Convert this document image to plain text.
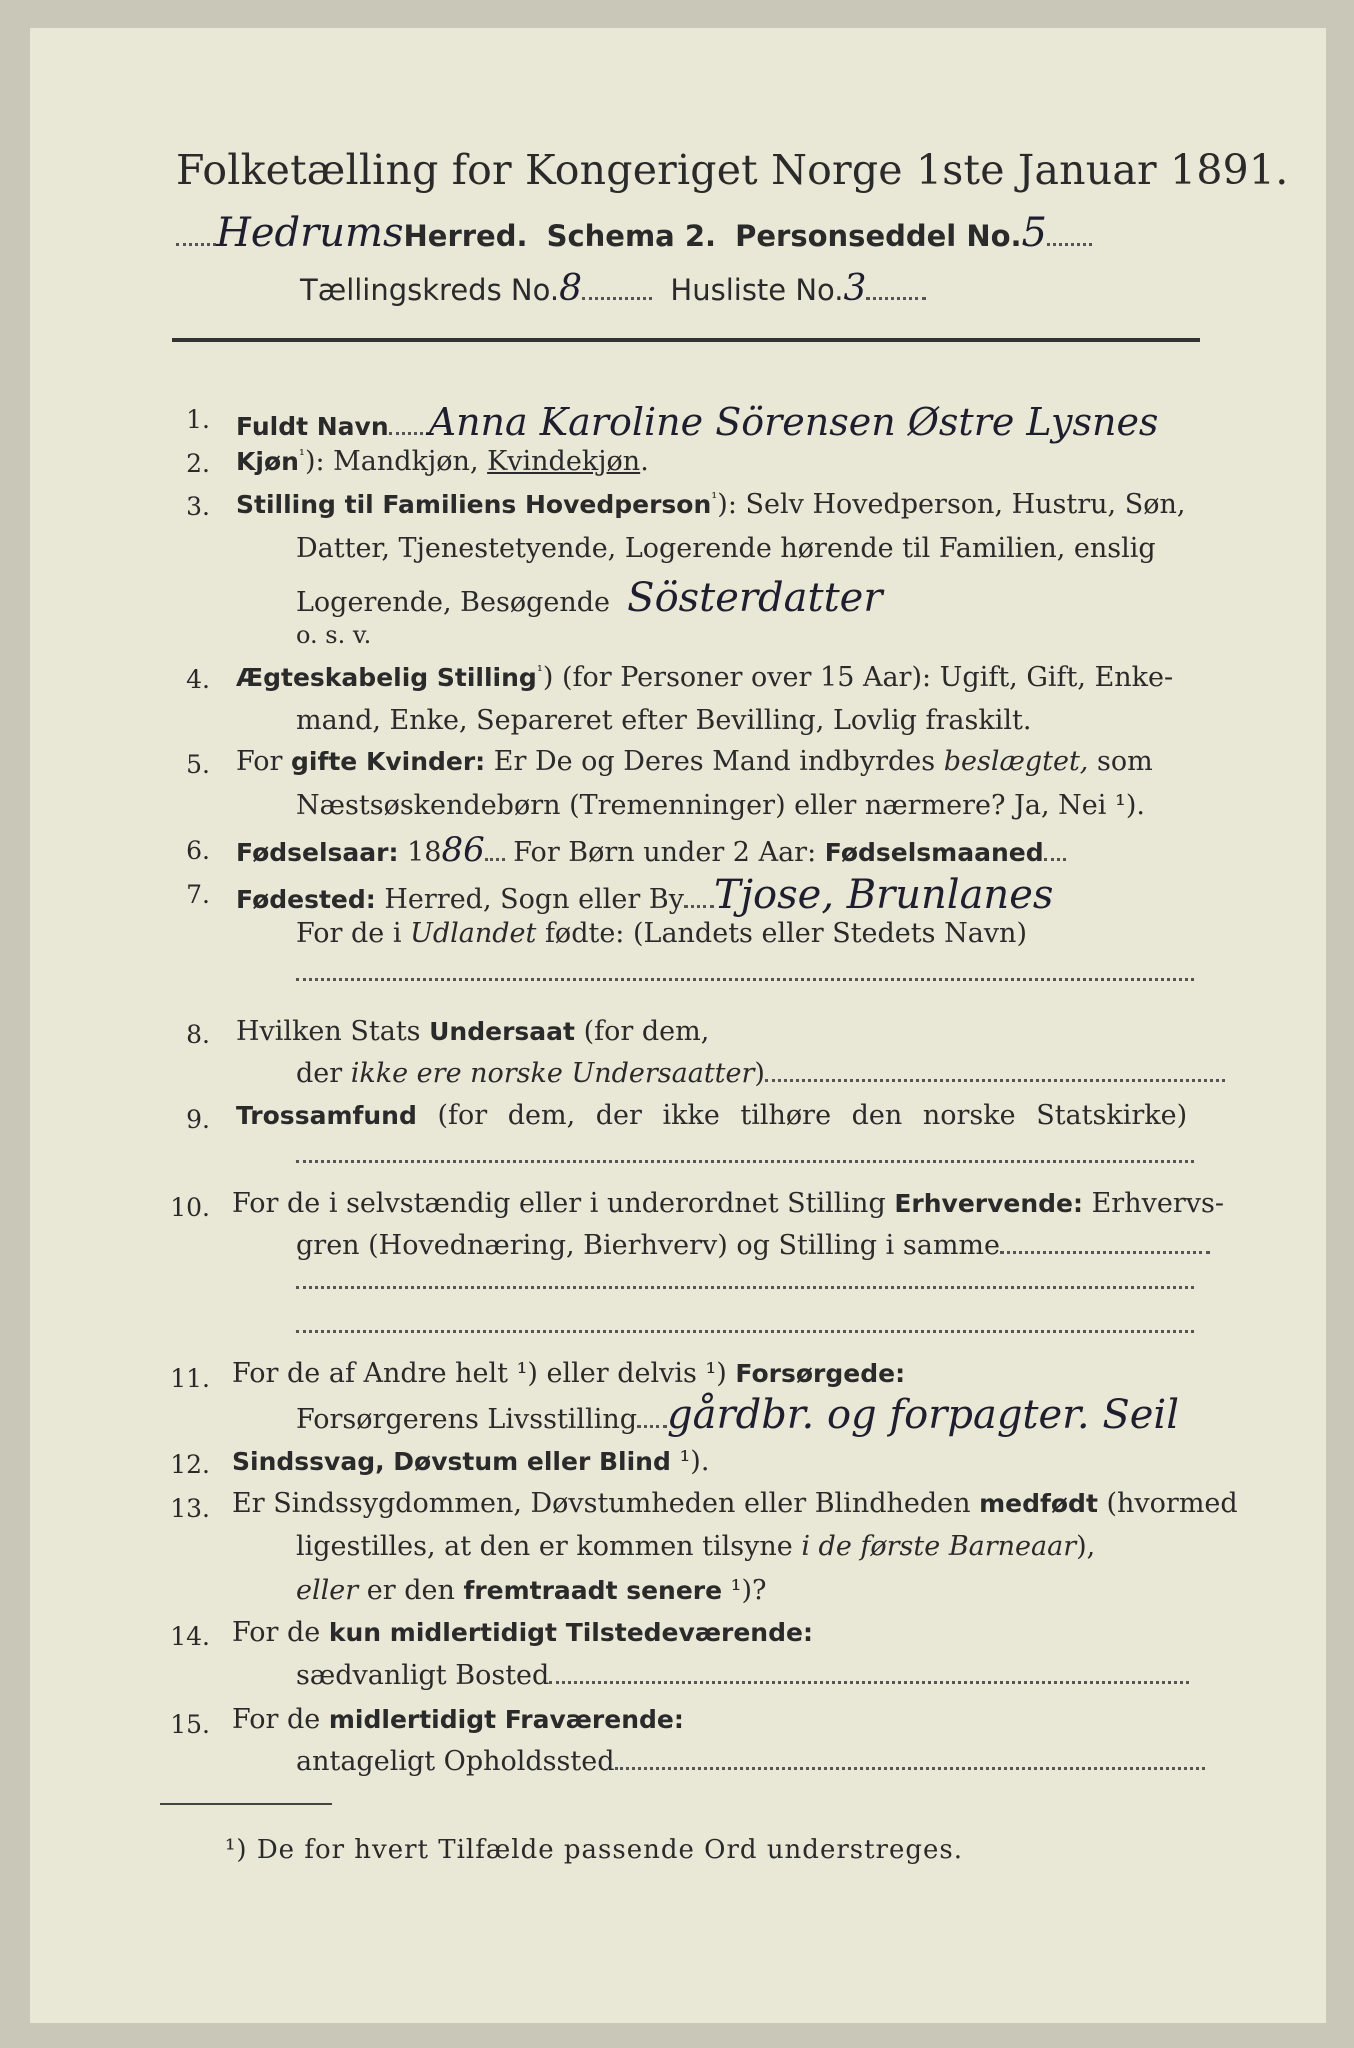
Folketælling for Kongeriget Norge 1ste Januar 1891.
HedrumsHerred. Schema 2. Personseddel No.5
Tællingskreds No.8	Husliste No.3
1. Fuldt Navn Anna Karoline Sörensen Østre Lysnes
2. Kjøn$^{^1}$): Mandkjøn, Kvindekjøn.
3. Stilling til Familiens Hovedperson$^{^1}$): Selv Hovedperson, Hustru, Søn,
Datter, Tjenestetyende, Logerende hørende til Familien, enslig
Logerende, Besøgende Sösterdatter
o. s. v.
4. Ægteskabelig Stilling$^{^1}$) (for Personer over 15 Aar): Ugift, Gift, Enke-
mand, Enke, Separeret efter Bevilling, Lovlig fraskilt.
5. For gifte Kvinder: Er De og Deres Mand indbyrdes beslægtet, som
Næstsøskendebørn (Tremenninger) eller nærmere? Ja, Nei ¹).
6. Fødselsaar: 1886 For Børn under 2 Aar: Fødselsmaaned
7. Fødested: Herred, Sogn eller By Tjose, Brunlanes
For de i Udlandet fødte: (Landets eller Stedets Navn)
8. Hvilken Stats Undersaat (for dem,
der ikke ere norske Undersaatter)
9. Trossamfund (for dem, der ikke tilhøre den norske Statskirke)
10. For de i selvstændig eller i underordnet Stilling Erhvervende: Erhvervs-
gren (Hovednæring, Bierhverv) og Stilling i samme
11. For de af Andre helt ¹) eller delvis ¹) Forsørgede:
Forsørgerens Livsstilling gårdbr. og forpagter. Seil
12. Sindssvag, Døvstum eller Blind ¹).
13. Er Sindssygdommen, Døvstumheden eller Blindheden medfødt (hvormed
ligestilles, at den er kommen tilsyne i de første Barneaar),
eller er den fremtraadt senere ¹)?
14. For de kun midlertidigt Tilstedeværende:
sædvanligt Bosted
15. For de midlertidigt Fraværende:
antageligt Opholdssted
¹) De for hvert Tilfælde passende Ord understreges.
